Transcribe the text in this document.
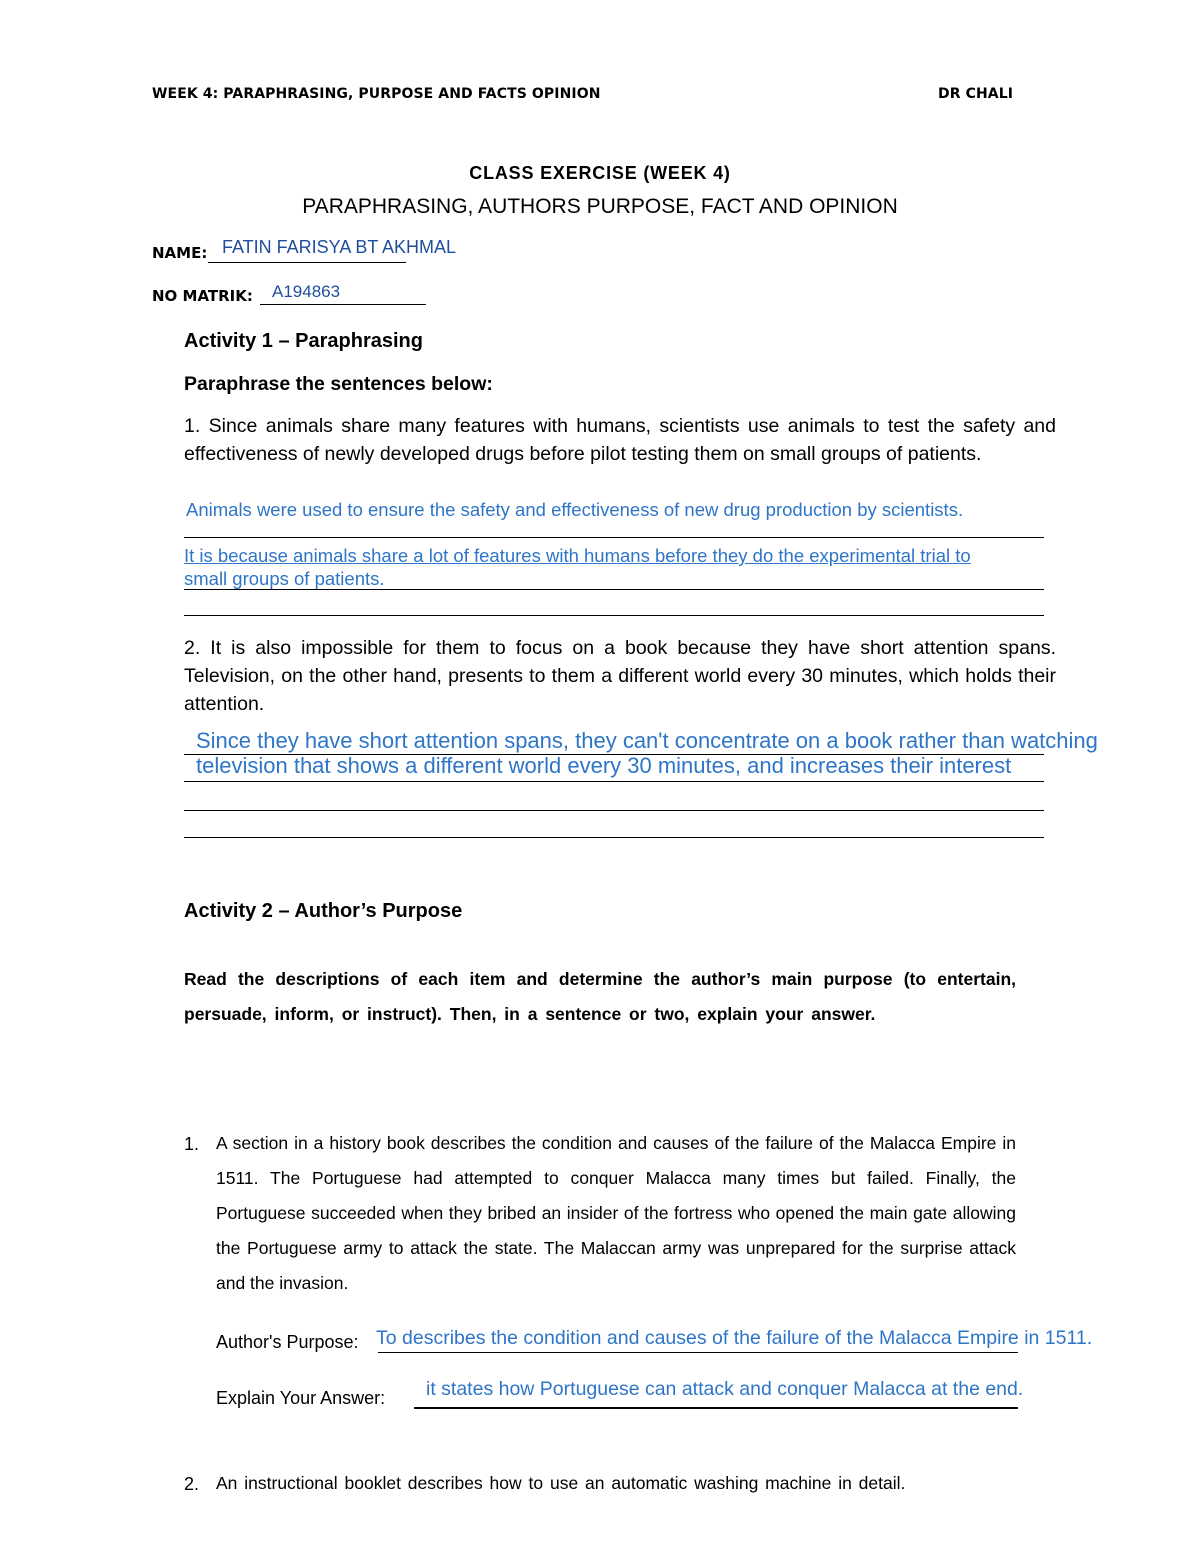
WEEK 4: PARAPHRASING, PURPOSE AND FACTS OPINION	DR CHALI
CLASS EXERCISE (WEEK 4)
PARAPHRASING, AUTHORS PURPOSE, FACT AND OPINION
NAME: FATIN FARISYA BT AKHMAL
NO MATRIK: A194863
Activity 1 – Paraphrasing
Paraphrase the sentences below:
1. Since animals share many features with humans, scientists use animals to test the safety and effectiveness of newly developed drugs before pilot testing them on small groups of patients.
Animals were used to ensure the safety and effectiveness of new drug production by scientists.
It is because animals share a lot of features with humans before they do the experimental trial to
small groups of patients.
2. It is also impossible for them to focus on a book because they have short attention spans. Television, on the other hand, presents to them a different world every 30 minutes, which holds their attention.
Since they have short attention spans, they can't concentrate on a book rather than watching
television that shows a different world every 30 minutes, and increases their interest
Activity 2 – Author’s Purpose
Read the descriptions of each item and determine the author’s main purpose (to entertain, persuade, inform, or instruct). Then, in a sentence or two, explain your answer.
1. A section in a history book describes the condition and causes of the failure of the Malacca Empire in 1511. The Portuguese had attempted to conquer Malacca many times but failed. Finally, the Portuguese succeeded when they bribed an insider of the fortress who opened the main gate allowing the Portuguese army to attack the state. The Malaccan army was unprepared for the surprise attack and the invasion.
Author's Purpose: To describes the condition and causes of the failure of the Malacca Empire in 1511.
Explain Your Answer: it states how Portuguese can attack and conquer Malacca at the end.
2. An instructional booklet describes how to use an automatic washing machine in detail.
